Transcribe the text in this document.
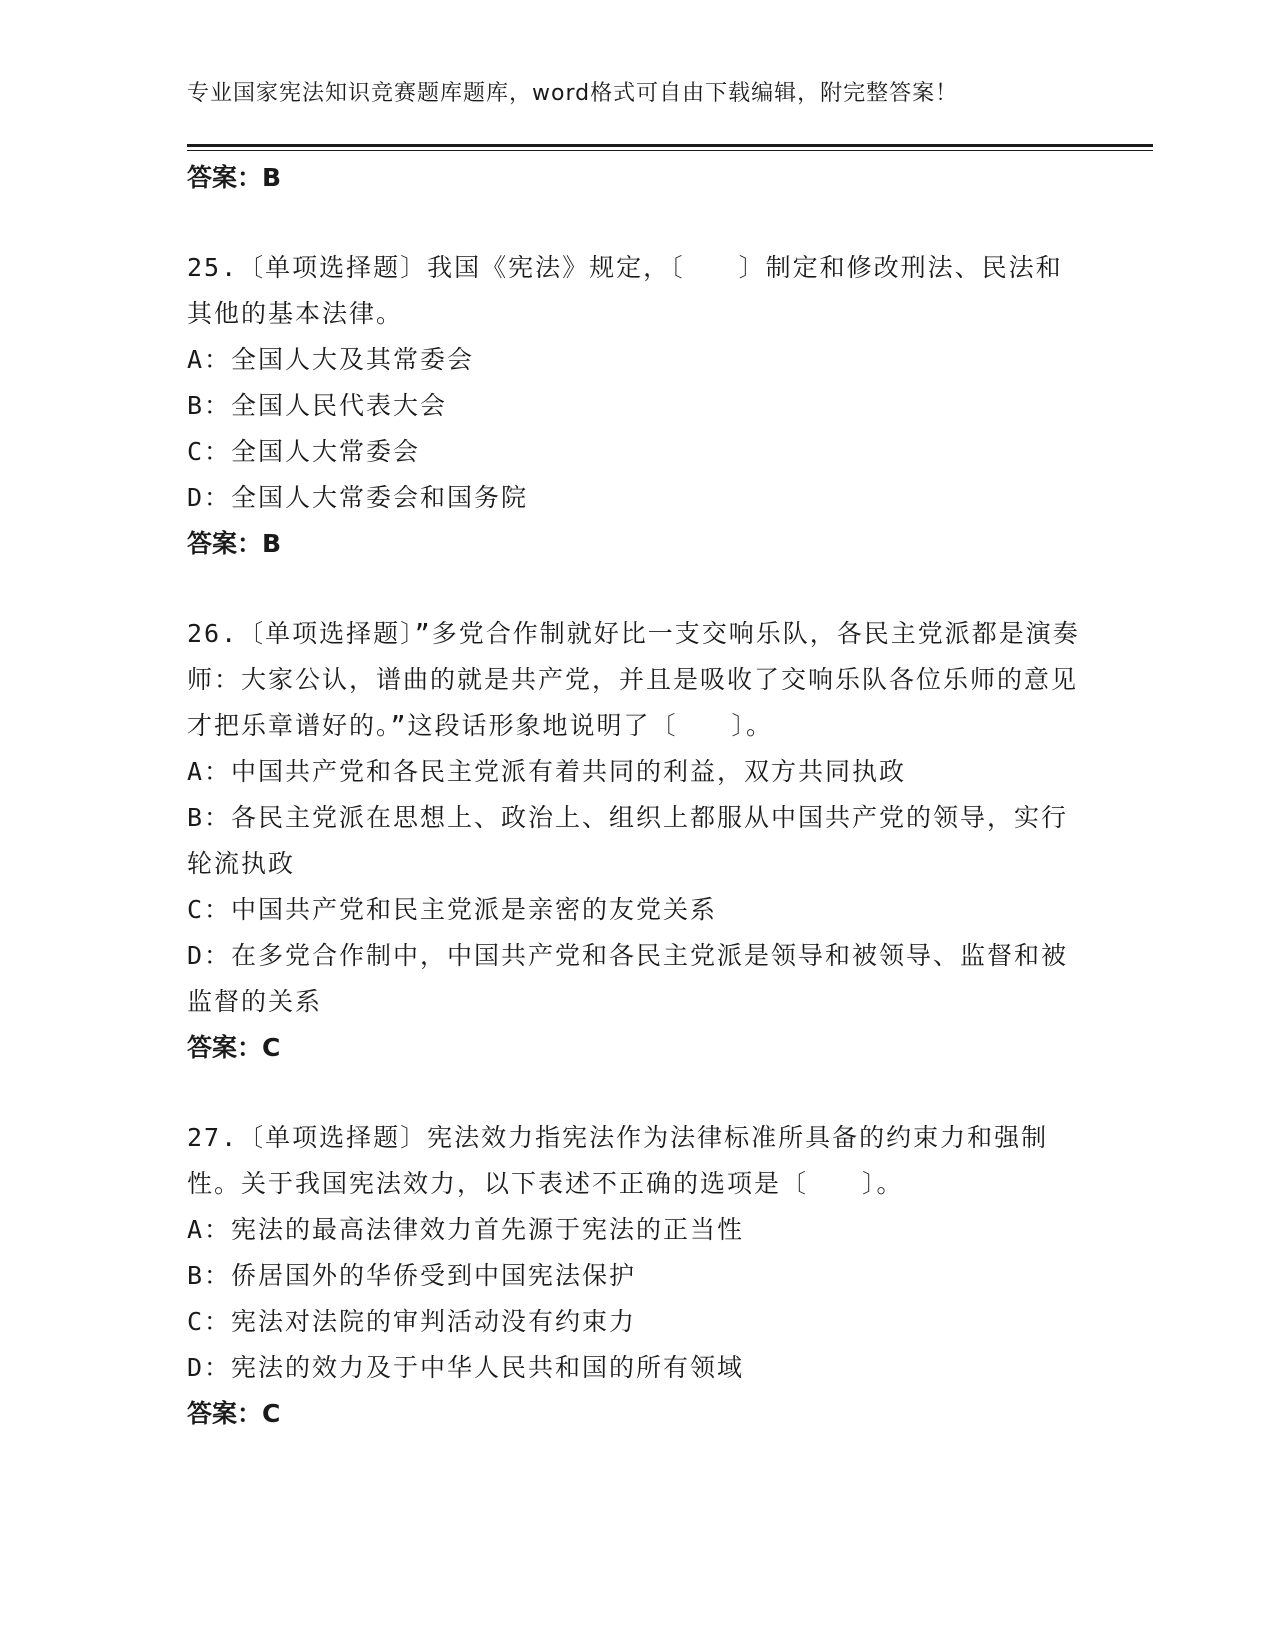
专业国家宪法知识竞赛题库题库，word格式可自由下载编辑，附完整答案！
答案：B

25.〔单项选择题〕我国《宪法》规定，〔　　〕制定和修改刑法、民法和其他的基本法律。

A：全国人大及其常委会

B：全国人民代表大会

C：全国人大常委会

D：全国人大常委会和国务院

答案：B

26.〔单项选择题〕”多党合作制就好比一支交响乐队，各民主党派都是演奏师：大家公认，谱曲的就是共产党，并且是吸收了交响乐队各位乐师的意见才把乐章谱好的。”这段话形象地说明了〔　　〕。

A：中国共产党和各民主党派有着共同的利益，双方共同执政

B：各民主党派在思想上、政治上、组织上都服从中国共产党的领导，实行轮流执政

C：中国共产党和民主党派是亲密的友党关系

D：在多党合作制中，中国共产党和各民主党派是领导和被领导、监督和被监督的关系

答案：C

27.〔单项选择题〕宪法效力指宪法作为法律标准所具备的约束力和强制性。关于我国宪法效力，以下表述不正确的选项是〔　　〕。

A：宪法的最高法律效力首先源于宪法的正当性

B：侨居国外的华侨受到中国宪法保护

C：宪法对法院的审判活动没有约束力

D：宪法的效力及于中华人民共和国的所有领域

答案：C
